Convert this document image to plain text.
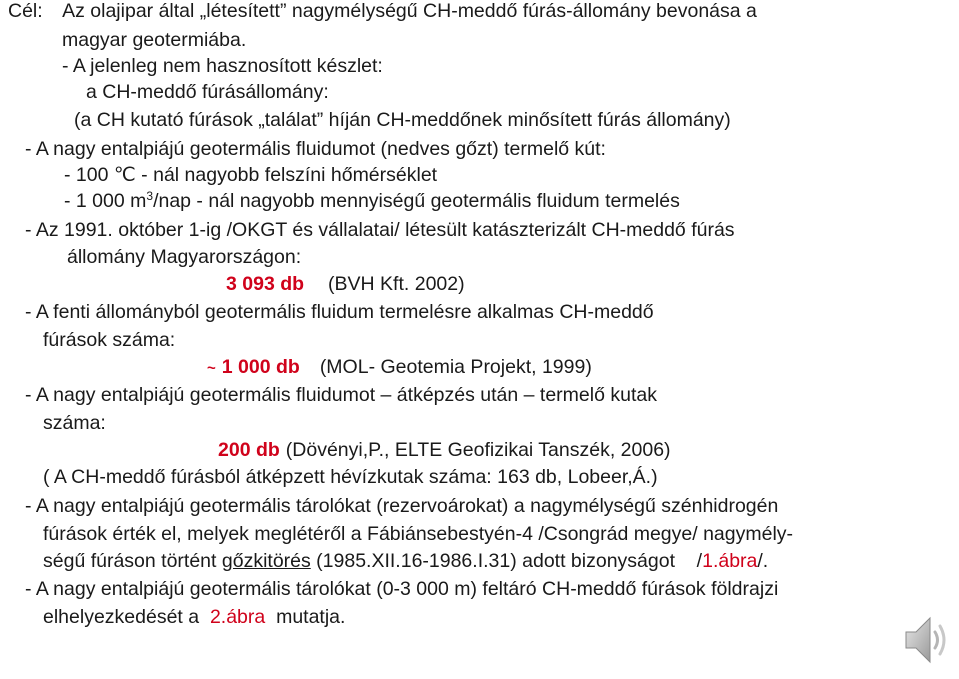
Cél: Az olajipar által „létesített” nagymélységű CH-meddő fúrás-állomány bevonása a
magyar geotermiába.
- A jelenleg nem hasznosított készlet:
a CH-meddő fúrásállomány:
(a CH kutató fúrások „találat” híján CH-meddőnek minősített fúrás állomány)
- A nagy entalpiájú geotermális fluidumot (nedves gőzt) termelő kút:
- 100 ℃ - nál nagyobb felszíni hőmérséklet
- 1 000 $m^3$/nap - nál nagyobb mennyiségű geotermális fluidum termelés
- Az 1991. október 1-ig /OKGT és vállalatai/ létesült katászterizált CH-meddő fúrás
állomány Magyarországon:
3 093 db (BVH Kft. 2002)
- A fenti állományból geotermális fluidum termelésre alkalmas CH-meddő
fúrások száma:
~ 1 000 db (MOL- Geotemia Projekt, 1999)
- A nagy entalpiájú geotermális fluidumot – átképzés után – termelő kutak
száma:
200 db (Dövényi,P., ELTE Geofizikai Tanszék, 2006)
( A CH-meddő fúrásból átképzett hévízkutak száma: 163 db, Lobeer,Á.)
- A nagy entalpiájú geotermális tárolókat (rezervoárokat) a nagymélységű szénhidrogén
fúrások érték el, melyek meglétéről a Fábiánsebestyén-4 /Csongrád megye/ nagymély-
ségű fúráson történt gőzkitörés (1985.XII.16-1986.I.31) adott bizonyságot    /1.ábra/.
- A nagy entalpiájú geotermális tárolókat (0-3 000 m) feltáró CH-meddő fúrások földrajzi
elhelyezkedését a  2.ábra  mutatja.
